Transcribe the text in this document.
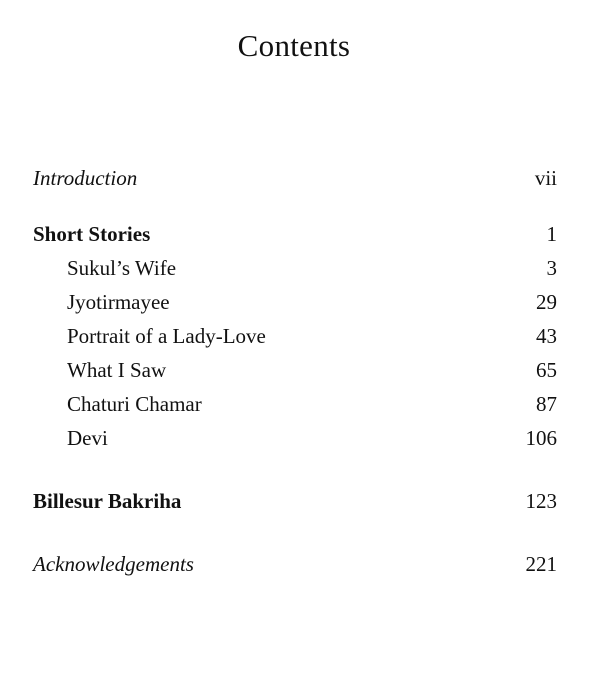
Contents
Introduction	vii
Short Stories	1
Sukul’s Wife	3
Jyotirmayee	29
Portrait of a Lady-Love	43
What I Saw	65
Chaturi Chamar	87
Devi	106
Billesur Bakriha	123
Acknowledgements	221
